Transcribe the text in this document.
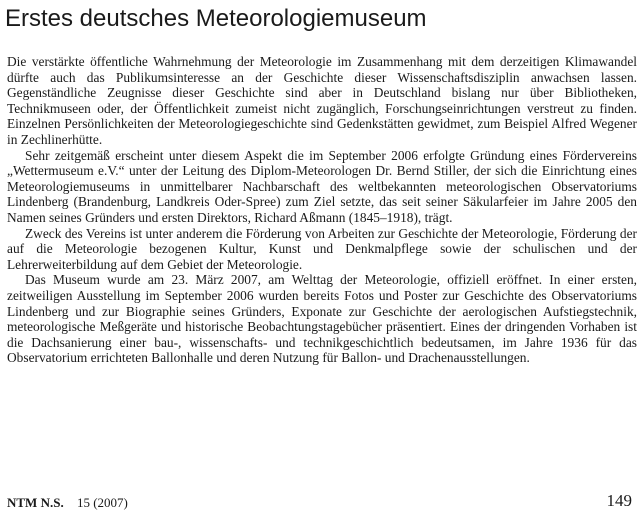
Erstes deutsches Meteorologiemuseum

Die verstärkte öffentliche Wahrnehmung der Meteorologie im Zusammenhang mit dem derzeitigen Klimawandel dürfte auch das Publikumsinteresse an der Geschichte dieser Wissenschaftsdisziplin anwachsen lassen. Gegenständliche Zeugnisse dieser Geschichte sind aber in Deutschland bislang nur über Bibliotheken, Technikmuseen oder, der Öffentlichkeit zumeist nicht zugänglich, Forschungseinrichtungen verstreut zu finden. Einzelnen Persönlichkeiten der Meteorologiegeschichte sind Gedenkstätten gewidmet, zum Beispiel Alfred Wegener in Zechlinerhütte.

Sehr zeitgemäß erscheint unter diesem Aspekt die im September 2006 erfolgte Gründung eines Fördervereins „Wettermuseum e.V.“ unter der Leitung des Diplom-Meteorologen Dr. Bernd Stiller, der sich die Einrichtung eines Meteorologiemuseums in unmittelbarer Nachbarschaft des weltbekannten meteorologischen Observatoriums Lindenberg (Brandenburg, Landkreis Oder-Spree) zum Ziel setzte, das seit seiner Säkularfeier im Jahre 2005 den Namen seines Gründers und ersten Direktors, Richard Aßmann (1845–1918), trägt.

Zweck des Vereins ist unter anderem die Förderung von Arbeiten zur Geschichte der Meteorologie, Förderung der auf die Meteorologie bezogenen Kultur, Kunst und Denkmalpflege sowie der schulischen und der Lehrerweiterbildung auf dem Gebiet der Meteorologie.

Das Museum wurde am 23. März 2007, am Welttag der Meteorologie, offiziell eröffnet. In einer ersten, zeitweiligen Ausstellung im September 2006 wurden bereits Fotos und Poster zur Geschichte des Observatoriums Lindenberg und zur Biographie seines Gründers, Exponate zur Geschichte der aerologischen Aufstiegstechnik, meteorologische Meßgeräte und historische Beobachtungstagebücher präsentiert. Eines der dringenden Vorhaben ist die Dachsanierung einer bau-, wissenschafts- und technikgeschichtlich bedeutsamen, im Jahre 1936 für das Observatorium errichteten Ballonhalle und deren Nutzung für Ballon- und Drachenausstellungen.

NTM N.S. 15 (2007)	149
